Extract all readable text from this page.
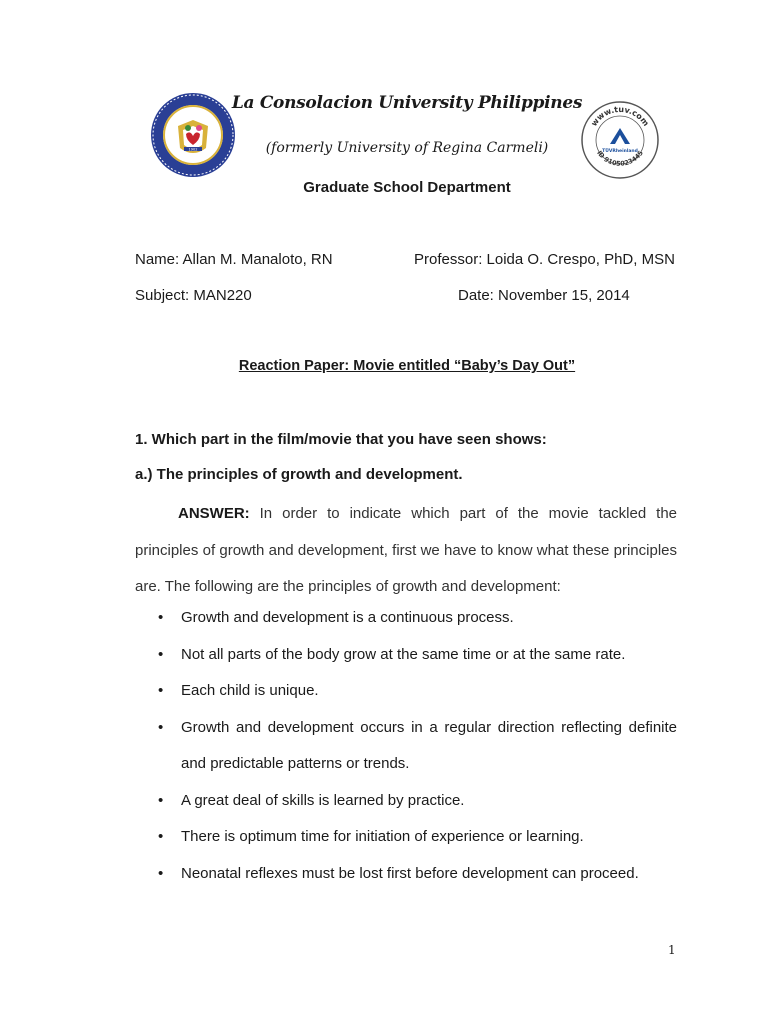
1902
www.tuv.com
ID 9105023445
TÜVRheinland
La Consolacion University Philippines
(formerly University of Regina Carmeli)
Graduate School Department
Name: Allan M. Manaloto, RN	Professor: Loida O. Crespo, PhD, MSN
Subject: MAN220	Date: November 15, 2014
Reaction Paper: Movie entitled “Baby’s Day Out”
1. Which part in the film/movie that you have seen shows:
a.) The principles of growth and development.
ANSWER: In order to indicate which part of the movie tackled the principles of growth and development, first we have to know what these principles are. The following are the principles of growth and development:
• Growth and development is a continuous process.
• Not all parts of the body grow at the same time or at the same rate.
• Each child is unique.
• Growth and development occurs in a regular direction reflecting definite and predictable patterns or trends.
• A great deal of skills is learned by practice.
• There is optimum time for initiation of experience or learning.
• Neonatal reflexes must be lost first before development can proceed.
1
